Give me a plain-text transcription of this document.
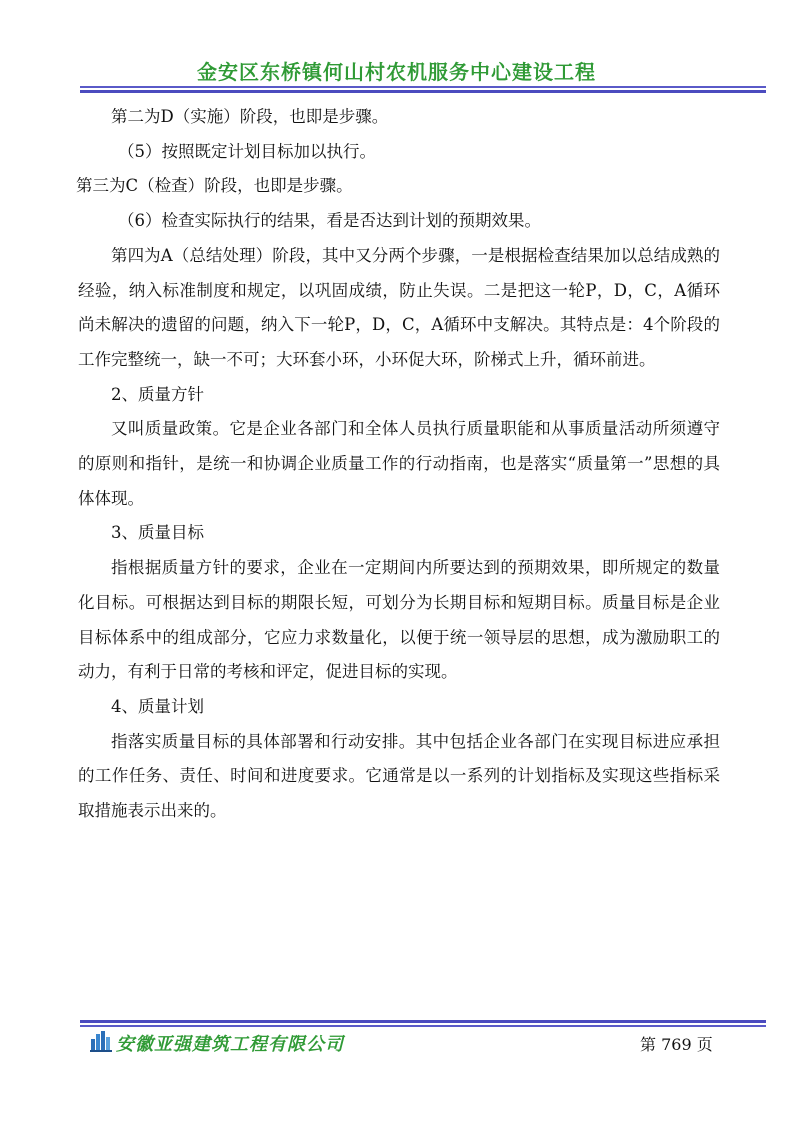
金安区东桥镇何山村农机服务中心建设工程

第二为D（实施）阶段，也即是步骤。

（5）按照既定计划目标加以执行。

第三为C（检查）阶段，也即是步骤。

（6）检查实际执行的结果，看是否达到计划的预期效果。

第四为A（总结处理）阶段，其中又分两个步骤，一是根据检查结果加以总结成熟的经验，纳入标准制度和规定，以巩固成绩，防止失误。二是把这一轮P，D，C，A循环尚未解决的遗留的问题，纳入下一轮P，D，C，A循环中支解决。其特点是：4个阶段的工作完整统一，缺一不可；大环套小环，小环促大环，阶梯式上升，循环前进。

2、质量方针

又叫质量政策。它是企业各部门和全体人员执行质量职能和从事质量活动所须遵守的原则和指针，是统一和协调企业质量工作的行动指南，也是落实“质量第一”思想的具体体现。

3、质量目标

指根据质量方针的要求，企业在一定期间内所要达到的预期效果，即所规定的数量化目标。可根据达到目标的期限长短，可划分为长期目标和短期目标。质量目标是企业目标体系中的组成部分，它应力求数量化，以便于统一领导层的思想，成为激励职工的动力，有利于日常的考核和评定，促进目标的实现。

4、质量计划

指落实质量目标的具体部署和行动安排。其中包括企业各部门在实现目标进应承担的工作任务、责任、时间和进度要求。它通常是以一系列的计划指标及实现这些指标采取措施表示出来的。

安徽亚强建筑工程有限公司	第 769 页
